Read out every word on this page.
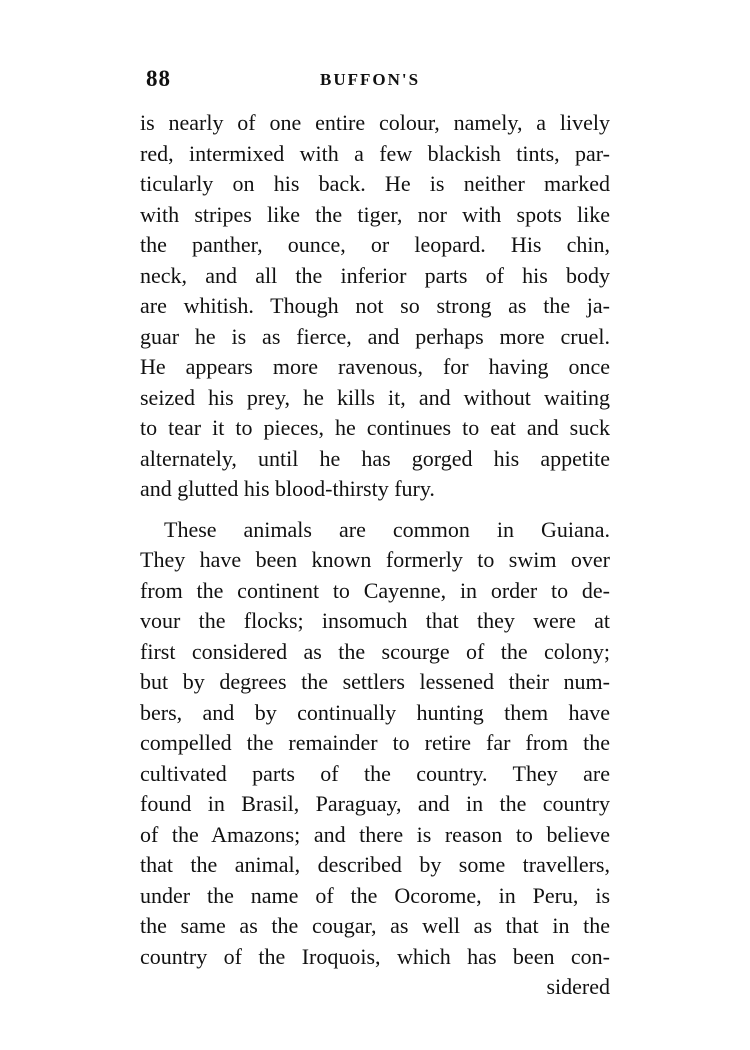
88	BUFFON'S
is nearly of one entire colour, namely, a lively
red, intermixed with a few blackish tints, par-
ticularly on his back. He is neither marked
with stripes like the tiger, nor with spots like
the panther, ounce, or leopard. His chin,
neck, and all the inferior parts of his body
are whitish. Though not so strong as the ja-
guar he is as fierce, and perhaps more cruel.
He appears more ravenous, for having once
seized his prey, he kills it, and without waiting
to tear it to pieces, he continues to eat and suck
alternately, until he has gorged his appetite
and glutted his blood-thirsty fury.
These animals are common in Guiana.
They have been known formerly to swim over
from the continent to Cayenne, in order to de-
vour the flocks; insomuch that they were at
first considered as the scourge of the colony;
but by degrees the settlers lessened their num-
bers, and by continually hunting them have
compelled the remainder to retire far from the
cultivated parts of the country. They are
found in Brasil, Paraguay, and in the country
of the Amazons; and there is reason to believe
that the animal, described by some travellers,
under the name of the Ocorome, in Peru, is
the same as the cougar, as well as that in the
country of the Iroquois, which has been con-
sidered
